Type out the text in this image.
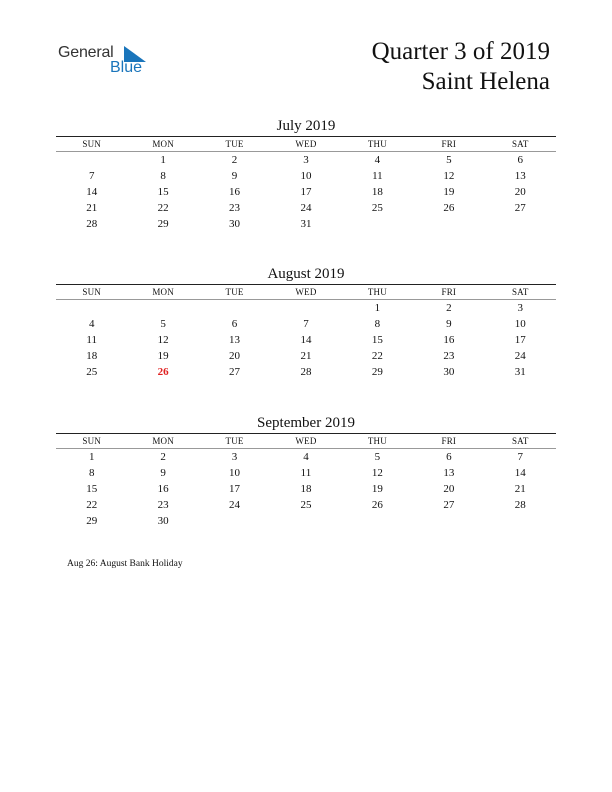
General
Blue
Quarter 3 of 2019
Saint Helena
July 2019
SUN	MON	TUE	WED	THU	FRI	SAT
	1	2	3	4	5	6
7	8	9	10	11	12	13
14	15	16	17	18	19	20
21	22	23	24	25	26	27
28	29	30	31			
August 2019
SUN	MON	TUE	WED	THU	FRI	SAT
				1	2	3
4	5	6	7	8	9	10
11	12	13	14	15	16	17
18	19	20	21	22	23	24
25	26	27	28	29	30	31
September 2019
SUN	MON	TUE	WED	THU	FRI	SAT
1	2	3	4	5	6	7
8	9	10	11	12	13	14
15	16	17	18	19	20	21
22	23	24	25	26	27	28
29	30					
Aug 26: August Bank Holiday
